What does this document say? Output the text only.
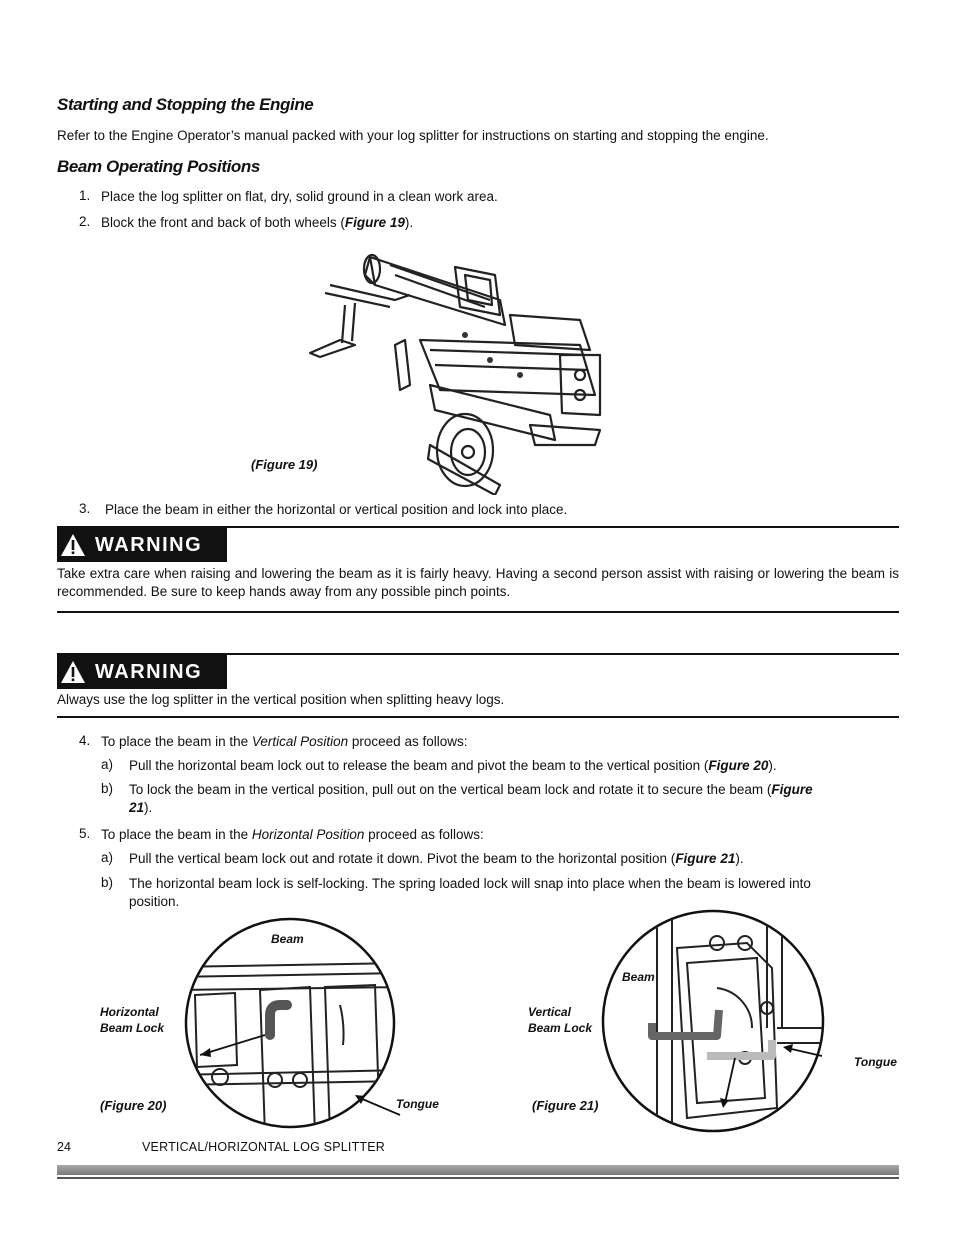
Starting and Stopping the Engine
Refer to the Engine Operator’s manual packed with your log splitter for instructions on starting and stopping the engine.
Beam Operating Positions
1. Place the log splitter on flat, dry, solid ground in a clean work area.
2. Block the front and back of both wheels (Figure 19).
(Figure 19)
3. Place the beam in either the horizontal or vertical position and lock into place.
WARNING
Take extra care when raising and lowering the beam as it is fairly heavy. Having a second person assist with raising or lowering the beam is recommended. Be sure to keep hands away from any possible pinch points.
WARNING
Always use the log splitter in the vertical position when splitting heavy logs.
4. To place the beam in the Vertical Position proceed as follows:
a) Pull the horizontal beam lock out to release the beam and pivot the beam to the vertical position (Figure 20).
b) To lock the beam in the vertical position, pull out on the vertical beam lock and rotate it to secure the beam (Figure
21).
5. To place the beam in the Horizontal Position proceed as follows:
a) Pull the vertical beam lock out and rotate it down. Pivot the beam to the horizontal position (Figure 21).
b) The horizontal beam lock is self-locking. The spring loaded lock will snap into place when the beam is lowered into
position.
Beam
Horizontal
Beam Lock
Tongue
(Figure 20)
Beam
Vertical
Beam Lock
Tongue
(Figure 21)
24	VERTICAL/HORIZONTAL LOG SPLITTER
